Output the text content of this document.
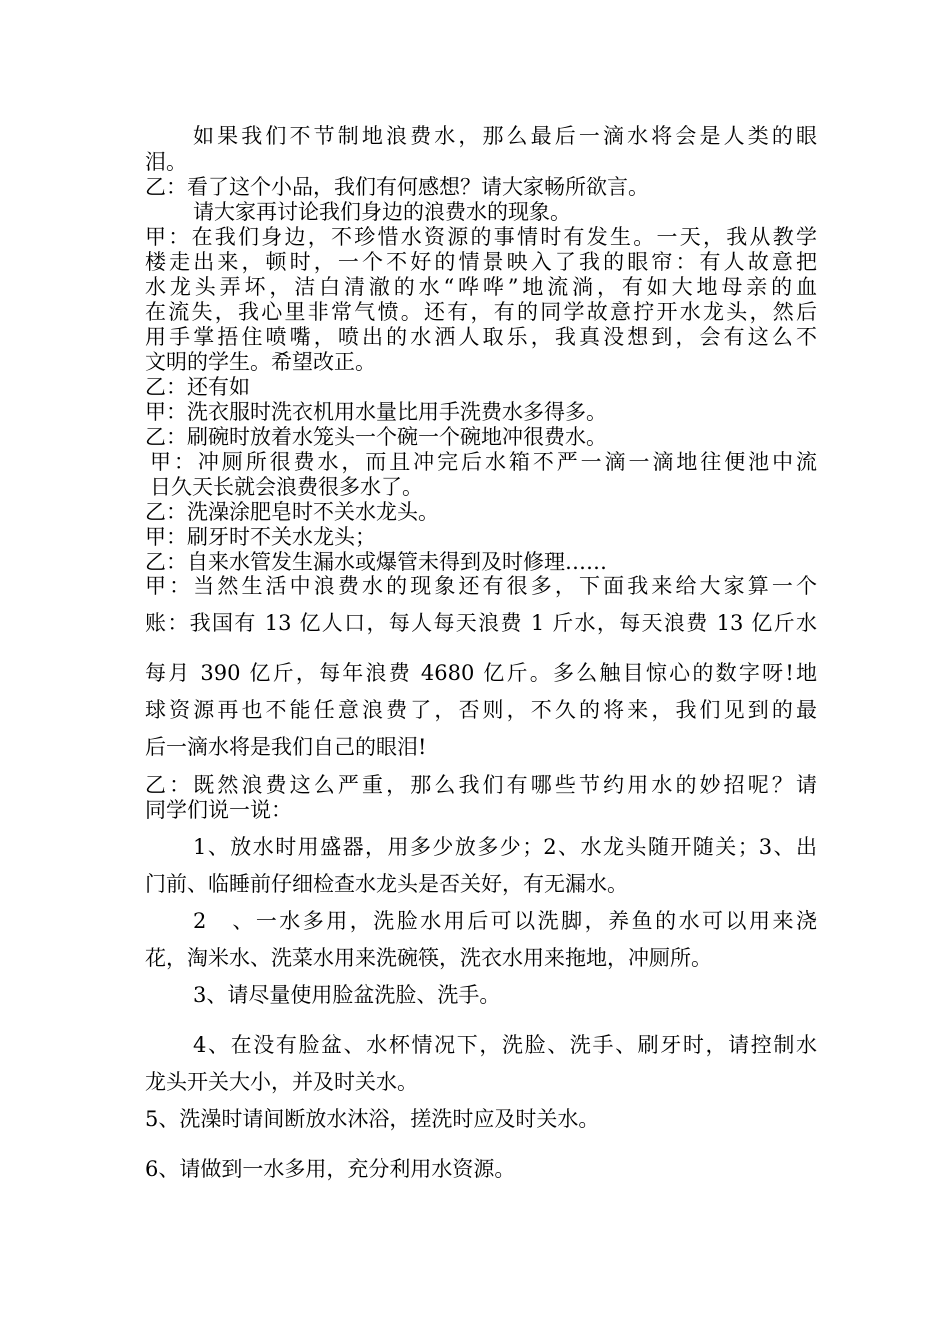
如果我们不节制地浪费水，那么最后一滴水将会是人类的眼
泪。
乙：看了这个小品，我们有何感想？请大家畅所欲言。
请大家再讨论我们身边的浪费水的现象。
甲：在我们身边，不珍惜水资源的事情时有发生。一天，我从教学
楼走出来，顿时，一个不好的情景映入了我的眼帘：有人故意把
水龙头弄坏，洁白清澈的水“哗哗”地流淌，有如大地母亲的血
在流失，我心里非常气愤。还有，有的同学故意拧开水龙头，然后
用手掌捂住喷嘴，喷出的水洒人取乐，我真没想到，会有这么不
文明的学生。希望改正。
乙：还有如
甲：洗衣服时洗衣机用水量比用手洗费水多得多。
乙：刷碗时放着水笼头一个碗一个碗地冲很费水。
甲：冲厕所很费水，而且冲完后水箱不严一滴一滴地往便池中流
日久天长就会浪费很多水了。
乙：洗澡涂肥皂时不关水龙头。
甲：刷牙时不关水龙头；
乙：自来水管发生漏水或爆管未得到及时修理……
甲：当然生活中浪费水的现象还有很多，下面我来给大家算一个
账：我国有 13 亿人口，每人每天浪费 1 斤水，每天浪费 13 亿斤水
每月 390 亿斤，每年浪费 4680 亿斤。多么触目惊心的数字呀!地
球资源再也不能任意浪费了，否则，不久的将来，我们见到的最
后一滴水将是我们自己的眼泪!
乙：既然浪费这么严重，那么我们有哪些节约用水的妙招呢？请
同学们说一说：
1、放水时用盛器，用多少放多少；2、水龙头随开随关；3、出
门前、临睡前仔细检查水龙头是否关好，有无漏水。
2　、一水多用，洗脸水用后可以洗脚，养鱼的水可以用来浇
花，淘米水、洗菜水用来洗碗筷，洗衣水用来拖地，冲厕所。
3、请尽量使用脸盆洗脸、洗手。
4、在没有脸盆、水杯情况下，洗脸、洗手、刷牙时，请控制水
龙头开关大小，并及时关水。
5、洗澡时请间断放水沐浴，搓洗时应及时关水。
6、请做到一水多用，充分利用水资源。
